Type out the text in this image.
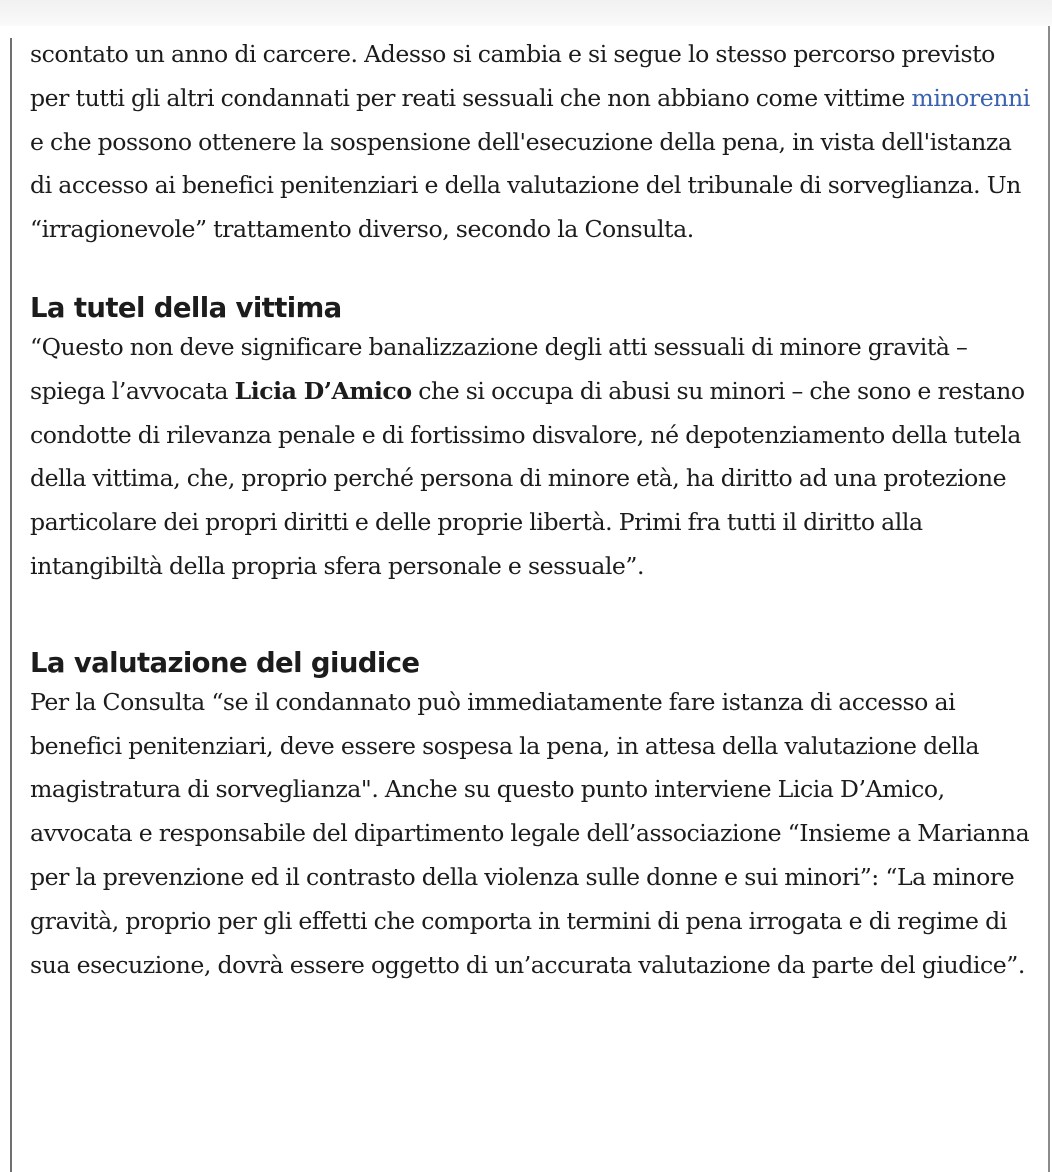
scontato un anno di carcere. Adesso si cambia e si segue lo stesso percorso previsto per tutti gli altri condannati per reati sessuali che non abbiano come vittime minorenni e che possono ottenere la sospensione dell'esecuzione della pena, in vista dell'istanza di accesso ai benefici penitenziari e della valutazione del tribunale di sorveglianza. Un “irragionevole” trattamento diverso, secondo la Consulta.

La tutel della vittima

“Questo non deve significare banalizzazione degli atti sessuali di minore gravità – spiega l’avvocata Licia D’Amico che si occupa di abusi su minori – che sono e restano condotte di rilevanza penale e di fortissimo disvalore, né depotenziamento della tutela della vittima, che, proprio perché persona di minore età, ha diritto ad una protezione particolare dei propri diritti e delle proprie libertà. Primi fra tutti il diritto alla intangibiltà della propria sfera personale e sessuale”.

La valutazione del giudice

Per la Consulta “se il condannato può immediatamente fare istanza di accesso ai benefici penitenziari, deve essere sospesa la pena, in attesa della valutazione della magistratura di sorveglianza". Anche su questo punto interviene Licia D’Amico, avvocata e responsabile del dipartimento legale dell’associazione “Insieme a Marianna per la prevenzione ed il contrasto della violenza sulle donne e sui minori”: “La minore gravità, proprio per gli effetti che comporta in termini di pena irrogata e di regime di sua esecuzione, dovrà essere oggetto di un’accurata valutazione da parte del giudice”.
